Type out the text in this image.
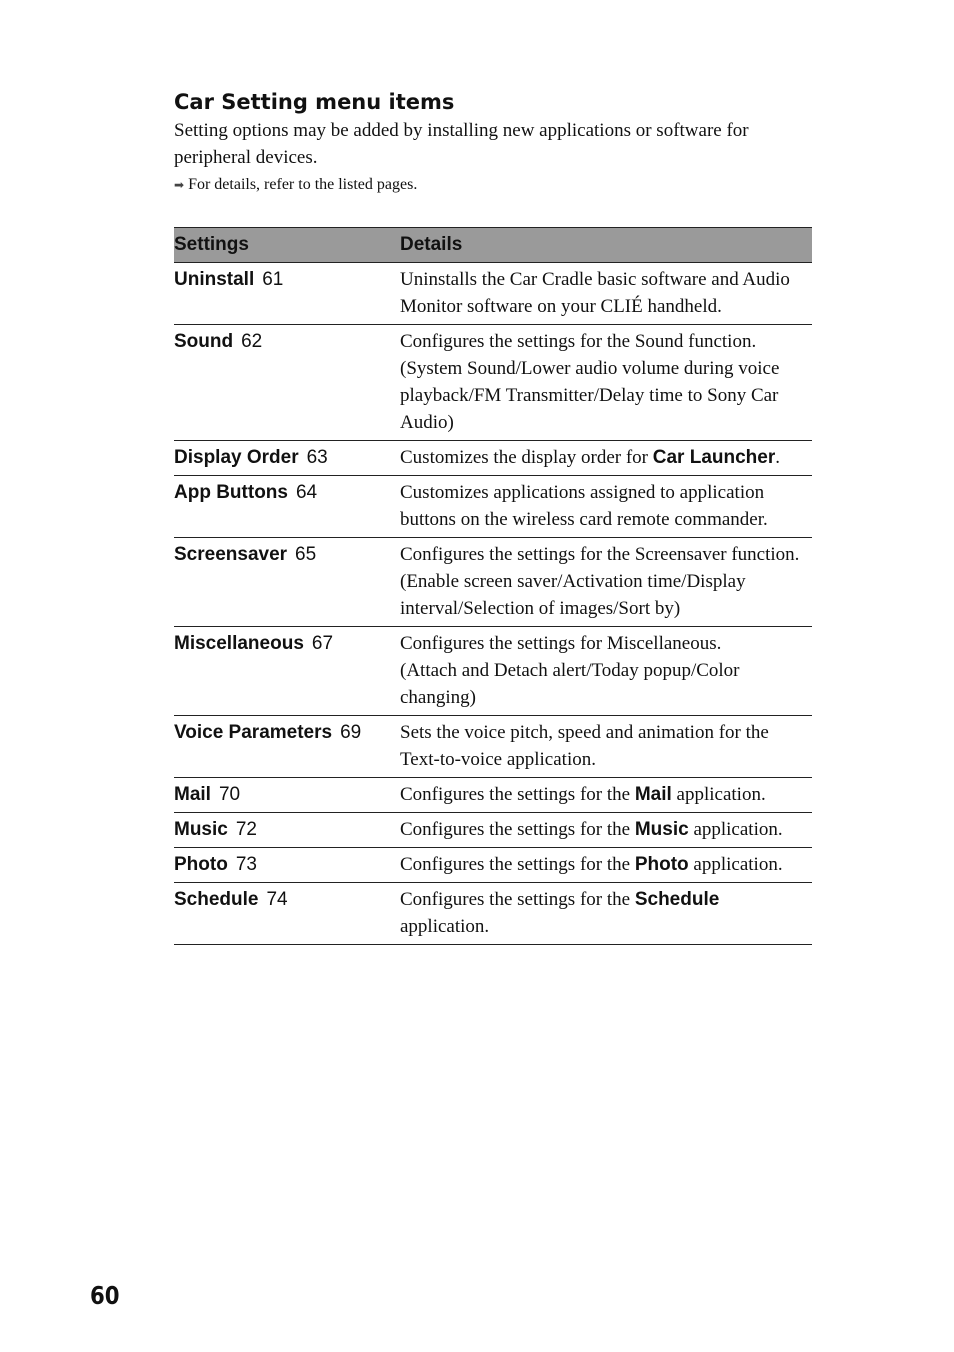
Car Setting menu items

Setting options may be added by installing new applications or software for peripheral devices.

➡ For details, refer to the listed pages.

Settings	Details
Uninstall 61	Uninstalls the Car Cradle basic software and Audio Monitor software on your CLIÉ handheld.
Sound 62	Configures the settings for the Sound function.
(System Sound/Lower audio volume during voice playback/FM Transmitter/Delay time to Sony Car Audio)

Display Order 63	Customizes the display order for Car Launcher.
App Buttons 64	Customizes applications assigned to application buttons on the wireless card remote commander.
Screensaver 65	Configures the settings for the Screensaver function.
(Enable screen saver/Activation time/Display interval/Selection of images/Sort by)

Miscellaneous 67	Configures the settings for Miscellaneous.
(Attach and Detach alert/Today popup/Color changing)

Voice Parameters 69	Sets the voice pitch, speed and animation for the Text-to-voice application.
Mail 70	Configures the settings for the Mail application.
Music 72	Configures the settings for the Music application.
Photo 73	Configures the settings for the Photo application.
Schedule 74	Configures the settings for the Schedule application.
60
